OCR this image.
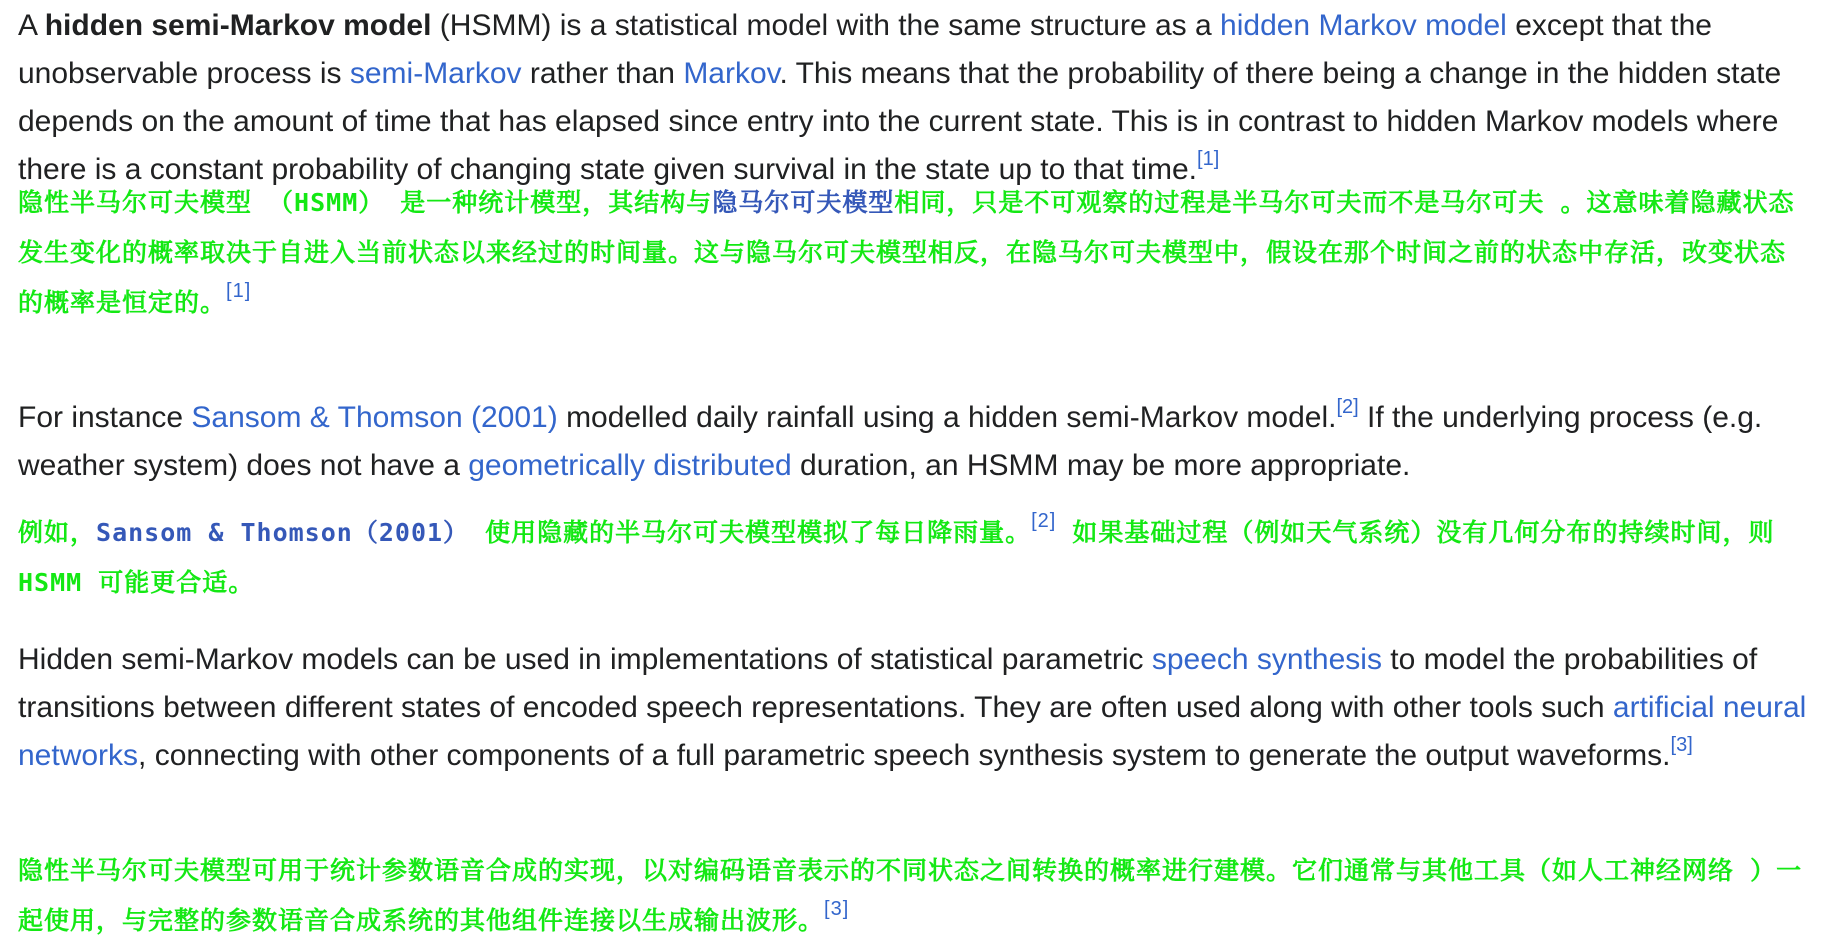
A hidden semi-Markov model (HSMM) is a statistical model with the same structure as a hidden Markov model except that the unobservable process is semi-Markov rather than Markov. This means that the probability of there being a change in the hidden state depends on the amount of time that has elapsed since entry into the current state. This is in contrast to hidden Markov models where there is a constant probability of changing state given survival in the state up to that time.[1]

隐性半马尔可夫模型 （HSMM） 是一种统计模型，其结构与隐马尔可夫模型相同，只是不可观察的过程是半马尔可夫而不是马尔可夫 。这意味着隐藏状态发生变化的概率取决于自进入当前状态以来经过的时间量。这与隐马尔可夫模型相反，在隐马尔可夫模型中，假设在那个时间之前的状态中存活，改变状态的概率是恒定的。[1]

For instance Sansom & Thomson (2001) modelled daily rainfall using a hidden semi-Markov model.[2] If the underlying process (e.g. weather system) does not have a geometrically distributed duration, an HSMM may be more appropriate.

例如，Sansom & Thomson（2001） 使用隐藏的半马尔可夫模型模拟了每日降雨量。[2] 如果基础过程（例如天气系统）没有几何分布的持续时间，则 HSMM 可能更合适。

Hidden semi-Markov models can be used in implementations of statistical parametric speech synthesis to model the probabilities of transitions between different states of encoded speech representations. They are often used along with other tools such artificial neural networks, connecting with other components of a full parametric speech synthesis system to generate the output waveforms.[3]

隐性半马尔可夫模型可用于统计参数语音合成的实现，以对编码语音表示的不同状态之间转换的概率进行建模。它们通常与其他工具（如人工神经网络 ）一起使用，与完整的参数语音合成系统的其他组件连接以生成输出波形。[3]
